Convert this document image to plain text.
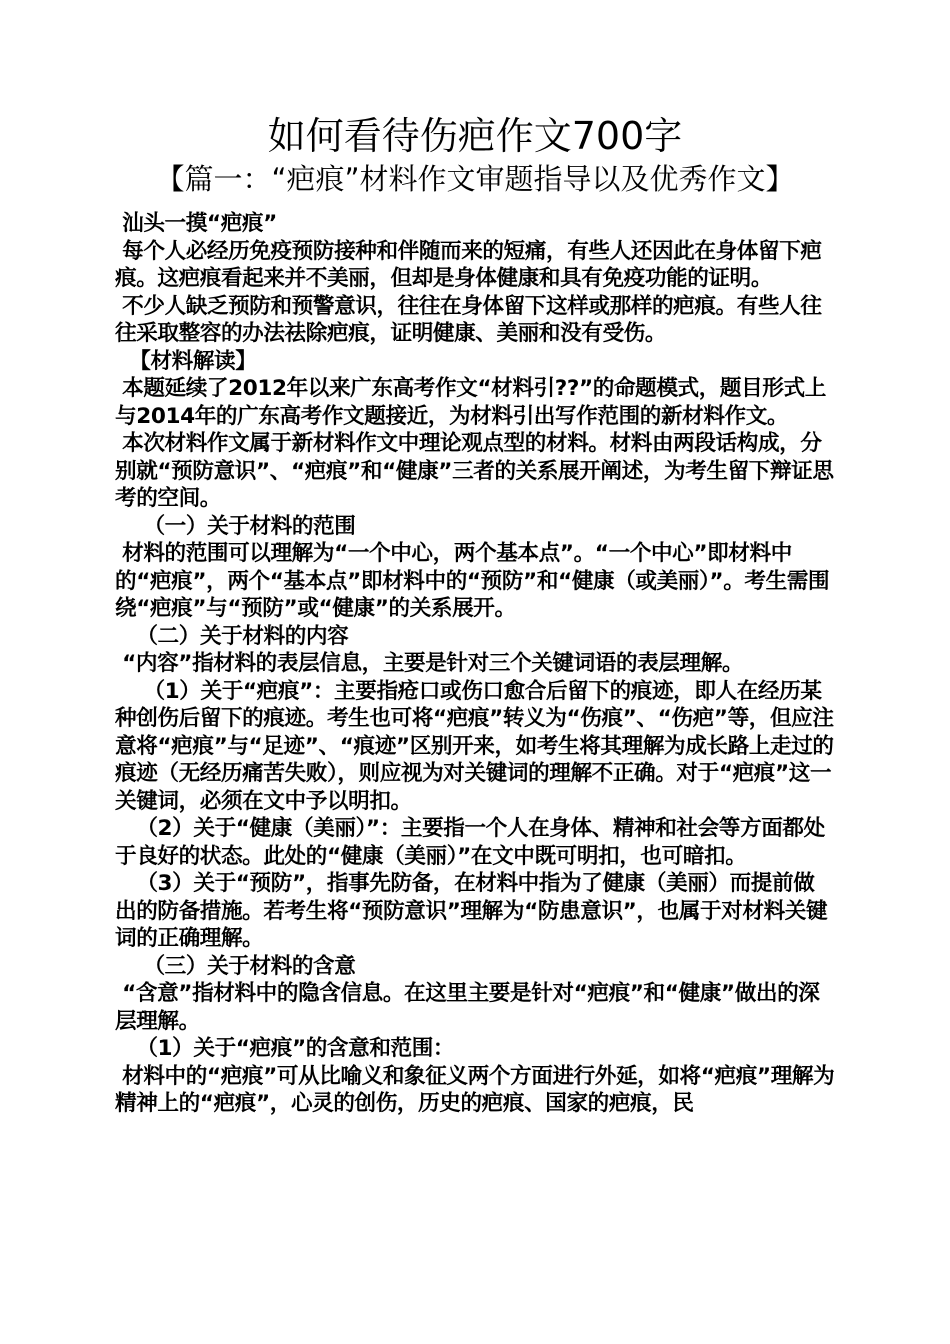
如何看待伤疤作文700字
【篇一：“疤痕”材料作文审题指导以及优秀作文】

汕头一摸“疤痕”

每个人必经历免疫预防接种和伴随而来的短痛，有些人还因此在身体留下疤痕。这疤痕看起来并不美丽，但却是身体健康和具有免疫功能的证明。

不少人缺乏预防和预警意识，往往在身体留下这样或那样的疤痕。有些人往往采取整容的办法祛除疤痕，证明健康、美丽和没有受伤。

【材料解读】

本题延续了2012年以来广东高考作文“材料引??”的命题模式，题目形式上与2014年的广东高考作文题接近，为材料引出写作范围的新材料作文。

本次材料作文属于新材料作文中理论观点型的材料。材料由两段话构成，分别就“预防意识”、“疤痕”和“健康”三者的关系展开阐述，为考生留下辩证思考的空间。

（一）关于材料的范围

材料的范围可以理解为“一个中心，两个基本点”。“一个中心”即材料中的“疤痕”，两个“基本点”即材料中的“预防”和“健康（或美丽）”。考生需围绕“疤痕”与“预防”或“健康”的关系展开。

（二）关于材料的内容

“内容”指材料的表层信息，主要是针对三个关键词语的表层理解。

（1）关于“疤痕”：主要指疮口或伤口愈合后留下的痕迹，即人在经历某种创伤后留下的痕迹。考生也可将“疤痕”转义为“伤痕”、“伤疤”等，但应注意将“疤痕”与“足迹”、“痕迹”区别开来，如考生将其理解为成长路上走过的痕迹（无经历痛苦失败），则应视为对关键词的理解不正确。对于“疤痕”这一关键词，必须在文中予以明扣。

（2）关于“健康（美丽）”：主要指一个人在身体、精神和社会等方面都处于良好的状态。此处的“健康（美丽）”在文中既可明扣，也可暗扣。

（3）关于“预防”，指事先防备，在材料中指为了健康（美丽）而提前做出的防备措施。若考生将“预防意识”理解为“防患意识”，也属于对材料关键词的正确理解。

（三）关于材料的含意

“含意”指材料中的隐含信息。在这里主要是针对“疤痕”和“健康”做出的深层理解。

（1）关于“疤痕”的含意和范围：

材料中的“疤痕”可从比喻义和象征义两个方面进行外延，如将“疤痕”理解为精神上的“疤痕”，心灵的创伤，历史的疤痕、国家的疤痕，民
